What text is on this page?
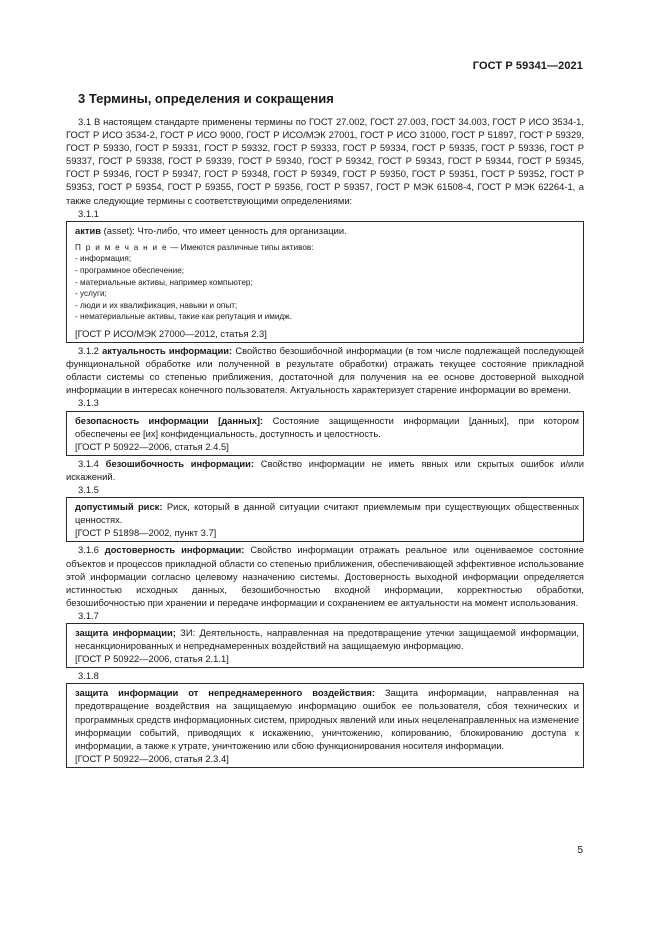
ГОСТ Р 59341—2021
3 Термины, определения и сокращения

3.1 В настоящем стандарте применены термины по ГОСТ 27.002, ГОСТ 27.003, ГОСТ 34.003, ГОСТ Р ИСО 3534-1, ГОСТ Р ИСО 3534-2, ГОСТ Р ИСО 9000, ГОСТ Р ИСО/МЭК 27001, ГОСТ Р ИСО 31000, ГОСТ Р 51897, ГОСТ Р 59329, ГОСТ Р 59330, ГОСТ Р 59331, ГОСТ Р 59332, ГОСТ Р 59333, ГОСТ Р 59334, ГОСТ Р 59335, ГОСТ Р 59336, ГОСТ Р 59337, ГОСТ Р 59338, ГОСТ Р 59339, ГОСТ Р 59340, ГОСТ Р 59342, ГОСТ Р 59343, ГОСТ Р 59344, ГОСТ Р 59345, ГОСТ Р 59346, ГОСТ Р 59347, ГОСТ Р 59348, ГОСТ Р 59349, ГОСТ Р 59350, ГОСТ Р 59351, ГОСТ Р 59352, ГОСТ Р 59353, ГОСТ Р 59354, ГОСТ Р 59355, ГОСТ Р 59356, ГОСТ Р 59357, ГОСТ Р МЭК 61508-4, ГОСТ Р МЭК 62264-1, а также следующие термины с соответствующими определениями:

3.1.1

актив (asset): Что-либо, что имеет ценность для организации.

П р и м е ч а н и е — Имеются различные типы активов:

- информация;

- программное обеспечение;

- материальные активы, например компьютер;

- услуги;

- люди и их квалификация, навыки и опыт;

- нематериальные активы, такие как репутация и имидж.

[ГОСТ Р ИСО/МЭК 27000—2012, статья 2.3]

3.1.2 актуальность информации: Свойство безошибочной информации (в том числе подлежащей последующей функциональной обработке или полученной в результате обработки) отражать текущее состояние прикладной области системы со степенью приближения, достаточной для получения на ее основе достоверной выходной информации в интересах конечного пользователя. Актуальность характеризует старение информации во времени.

3.1.3

безопасность информации [данных]: Состояние защищенности информации [данных], при котором обеспечены ее [их] конфиденциальность, доступность и целостность.

[ГОСТ Р 50922—2006, статья 2.4.5]

3.1.4 безошибочность информации: Свойство информации не иметь явных или скрытых ошибок и/или искажений.

3.1.5

допустимый риск: Риск, который в данной ситуации считают приемлемым при существующих общественных ценностях.

[ГОСТ Р 51898—2002, пункт 3.7]

3.1.6 достоверность информации: Свойство информации отражать реальное или оцениваемое состояние объектов и процессов прикладной области со степенью приближения, обеспечивающей эффективное использование этой информации согласно целевому назначению системы. Достоверность выходной информации определяется истинностью исходных данных, безошибочностью входной информации, корректностью обработки, безошибочностью при хранении и передаче информации и сохранением ее актуальности на момент использования.

3.1.7

защита информации; ЗИ: Деятельность, направленная на предотвращение утечки защищаемой информации, несанкционированных и непреднамеренных воздействий на защищаемую информацию.

[ГОСТ Р 50922—2006, статья 2.1.1]

3.1.8

защита информации от непреднамеренного воздействия: Защита информации, направленная на предотвращение воздействия на защищаемую информацию ошибок ее пользователя, сбоя технических и программных средств информационных систем, природных явлений или иных нецеленаправленных на изменение информации событий, приводящих к искажению, уничтожению, копированию, блокированию доступа к информации, а также к утрате, уничтожению или сбою функционирования носителя информации.

[ГОСТ Р 50922—2006, статья 2.3.4]

5
